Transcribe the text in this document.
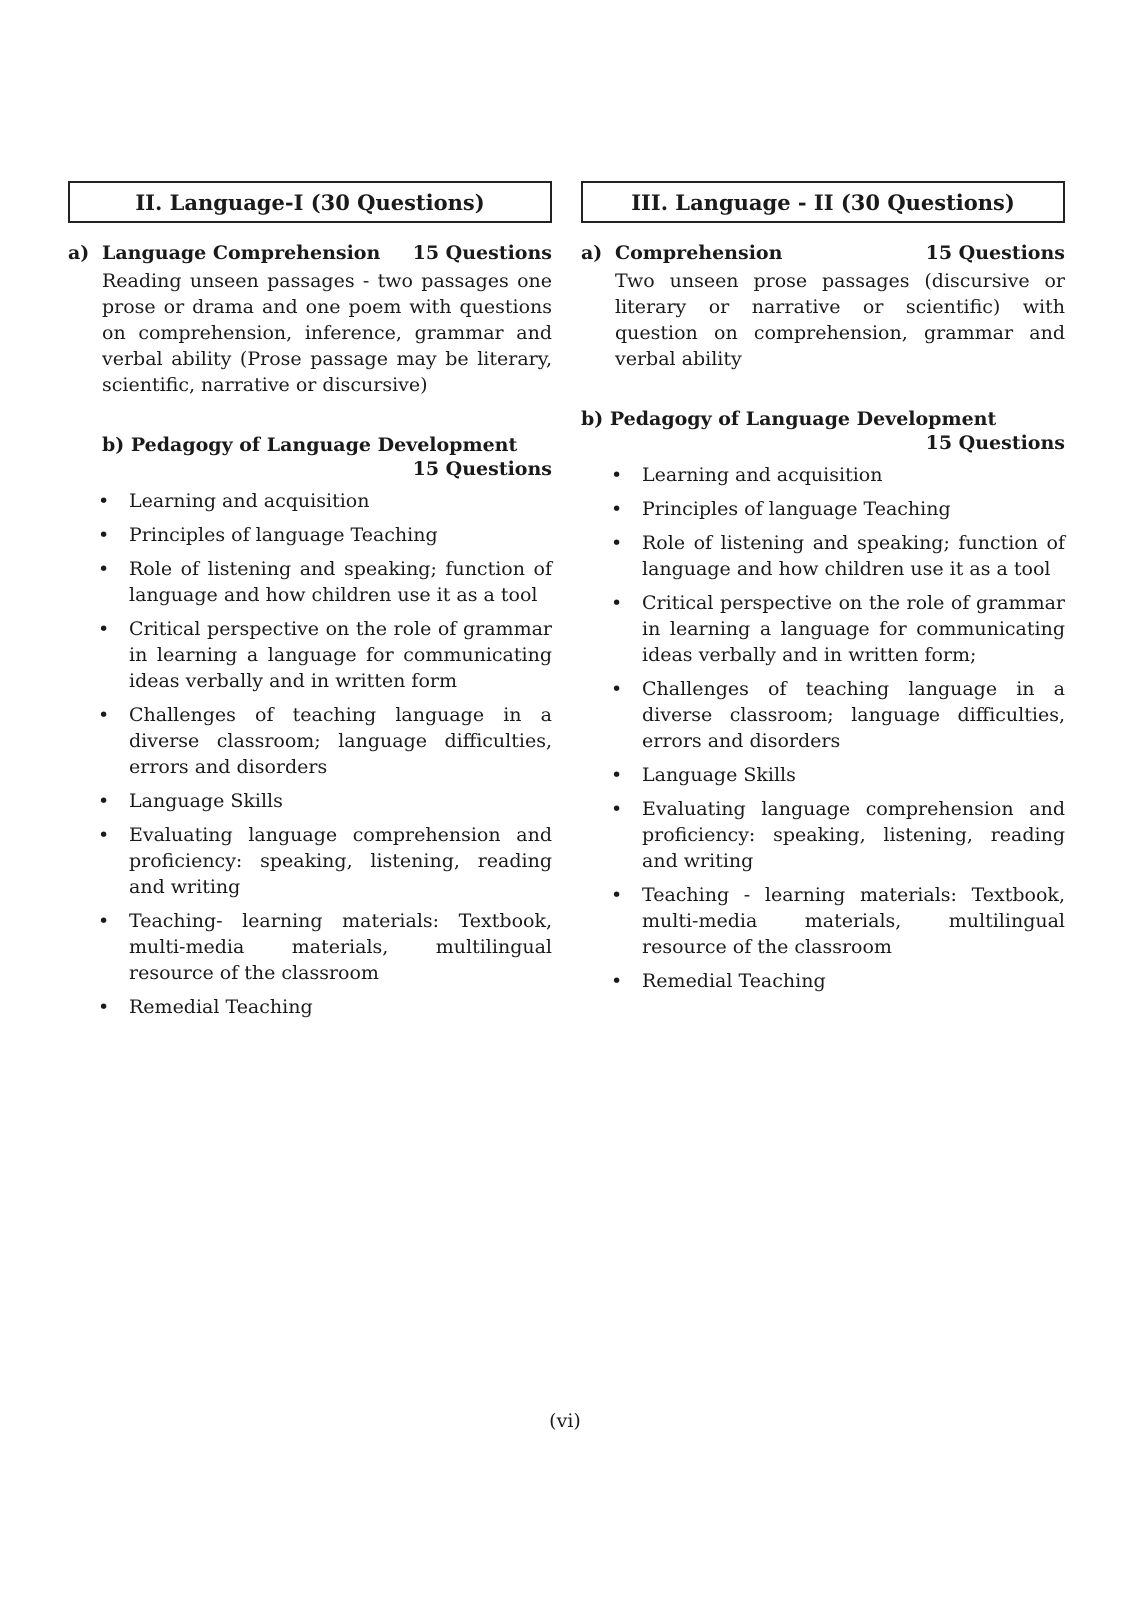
II. Language-I (30 Questions)
a) Language Comprehension 15 Questions
Reading unseen passages - two passages one prose or drama and one poem with questions on comprehension, inference, grammar and verbal ability (Prose passage may be literary, scientific, narrative or discursive)
b) Pedagogy of Language Development
15 Questions
• Learning and acquisition
• Principles of language Teaching
• Role of listening and speaking; function of language and how children use it as a tool
• Critical perspective on the role of grammar in learning a language for communicating ideas verbally and in written form
• Challenges of teaching language in a diverse classroom; language difficulties, errors and disorders
• Language Skills
• Evaluating language comprehension and proficiency: speaking, listening, reading and writing
• Teaching- learning materials: Textbook, multi-media materials, multilingual resource of the classroom
• Remedial Teaching
III. Language - II (30 Questions)
a) Comprehension	15 Questions
Two unseen prose passages (discursive or literary or narrative or scientific) with question on comprehension, grammar and verbal ability
b) Pedagogy of Language Development
15 Questions
• Learning and acquisition
• Principles of language Teaching
• Role of listening and speaking; function of language and how children use it as a tool
• Critical perspective on the role of grammar in learning a language for communicating ideas verbally and in written form;
• Challenges of teaching language in a diverse classroom; language difficulties, errors and disorders
• Language Skills
• Evaluating language comprehension and proficiency: speaking, listening, reading and writing
• Teaching - learning materials: Textbook, multi-media materials, multilingual resource of the classroom
• Remedial Teaching
(vi)
